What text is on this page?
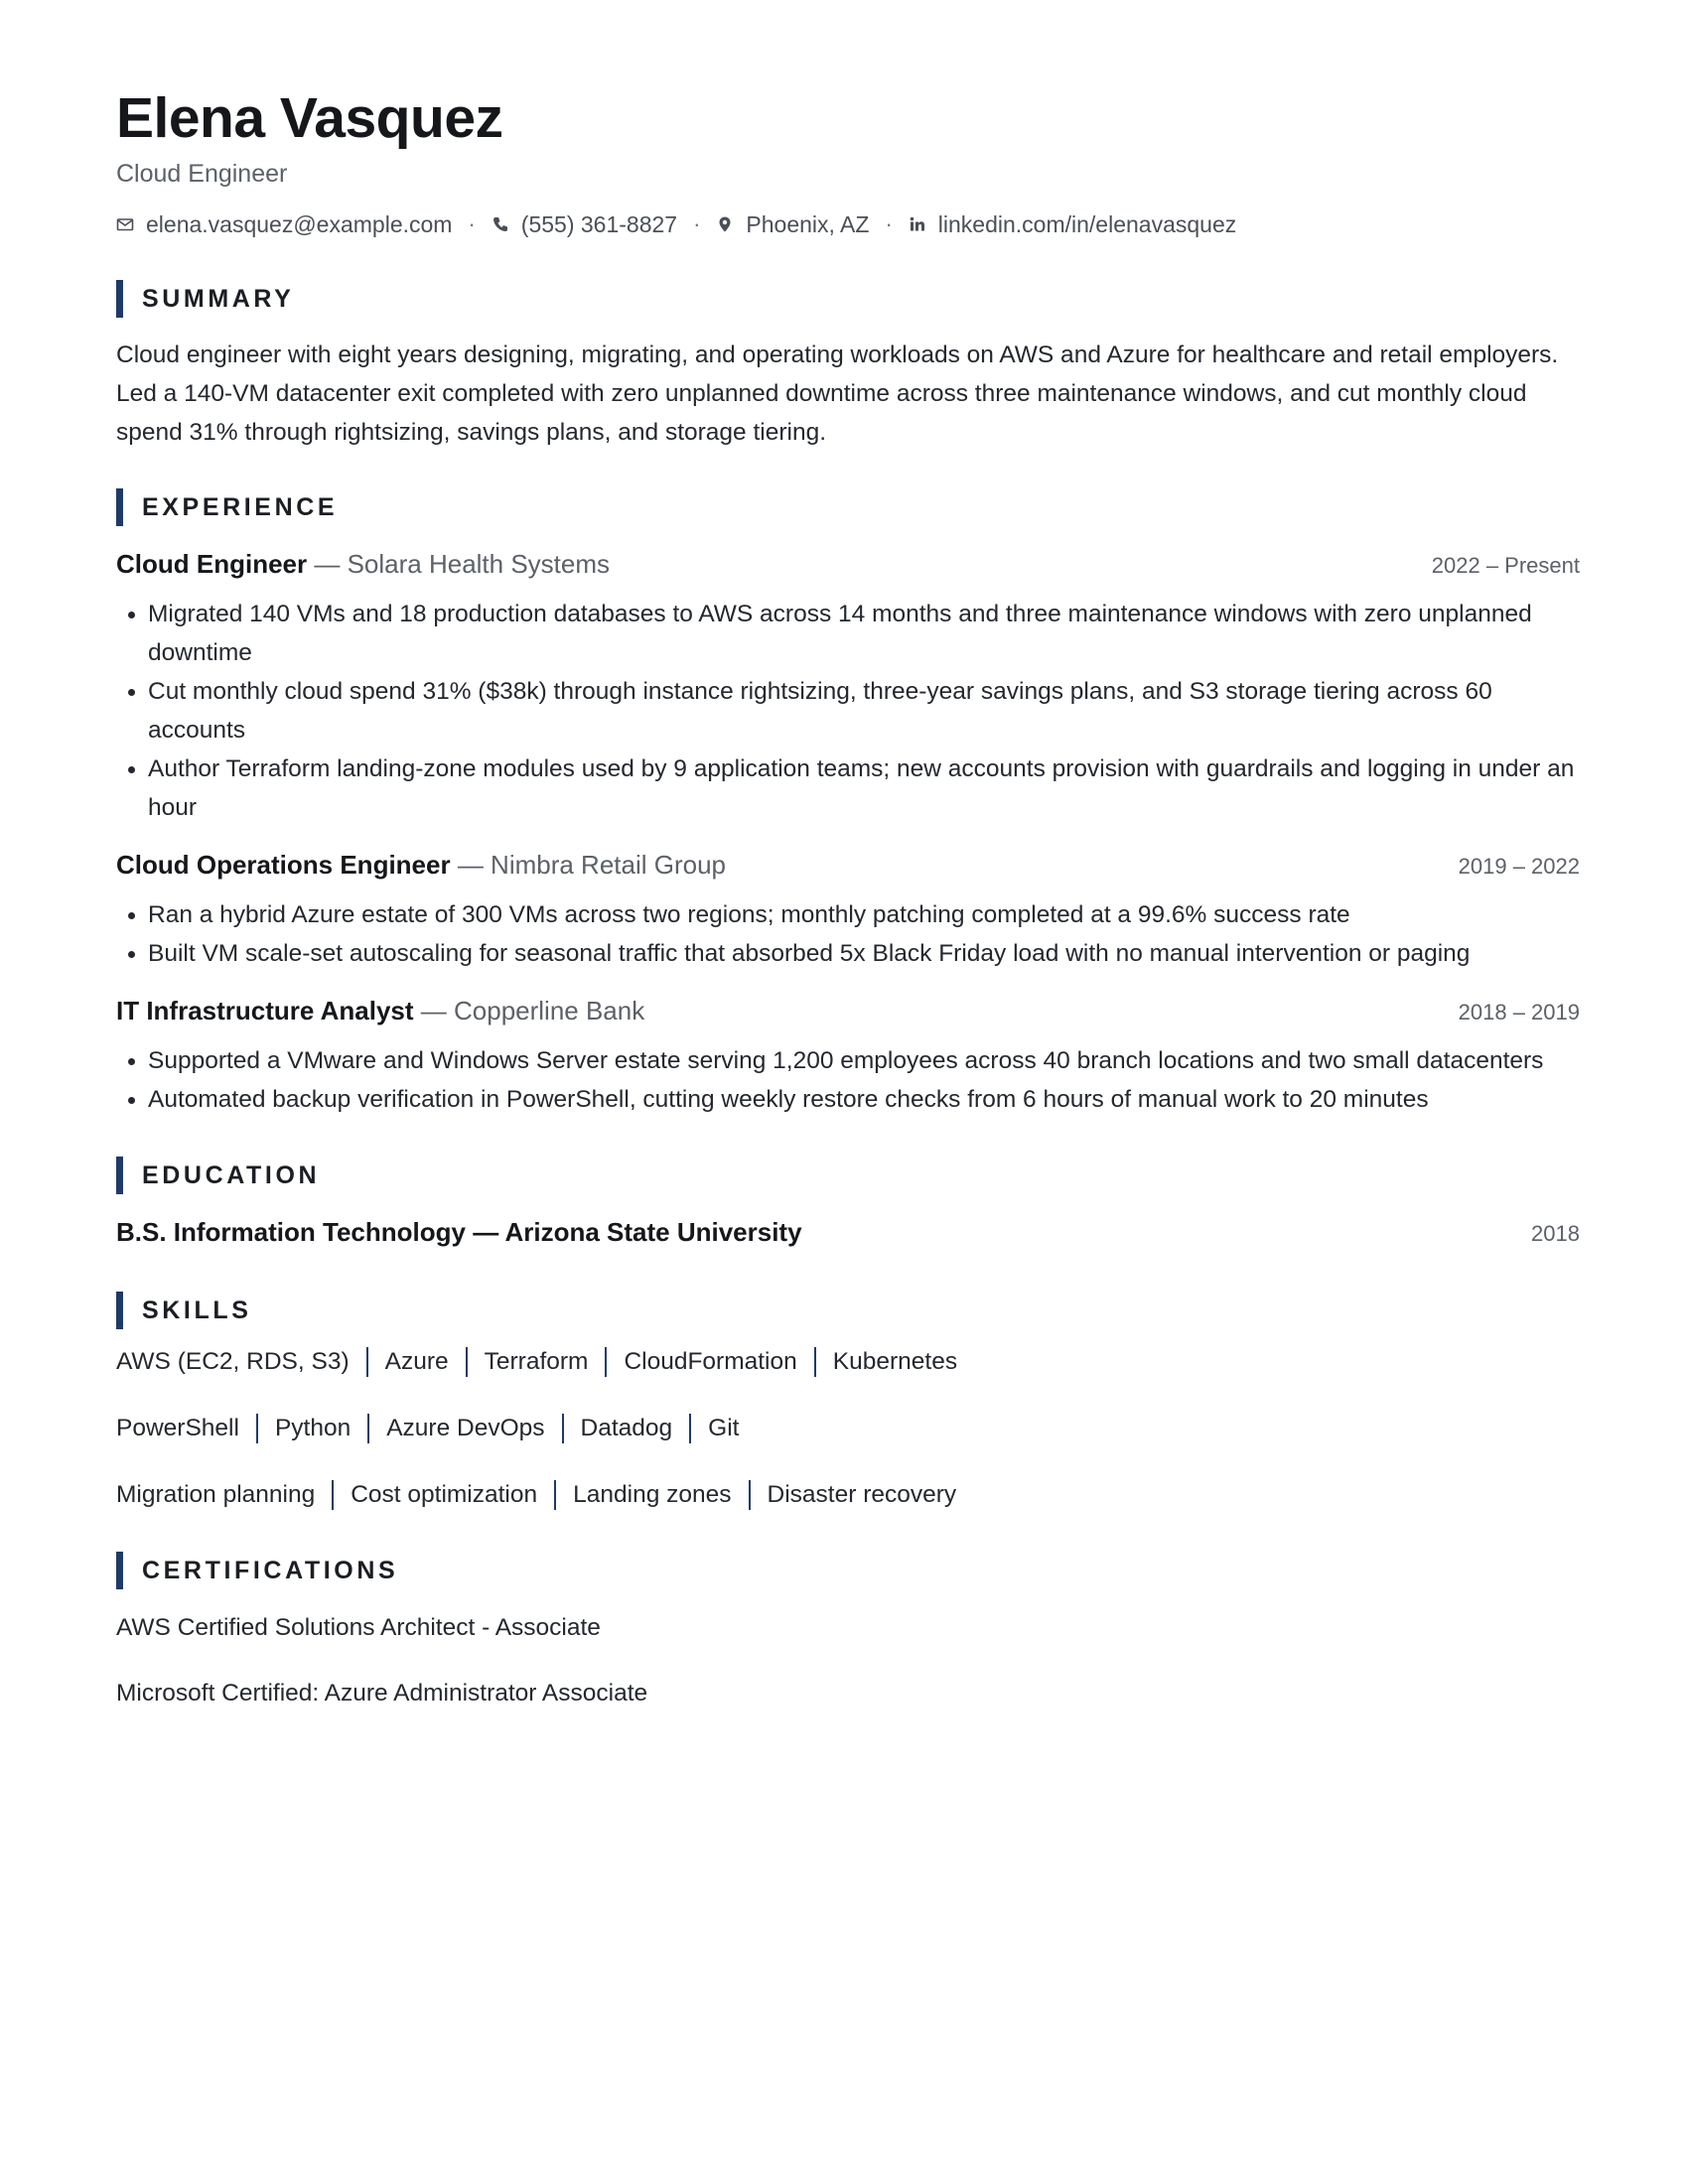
Elena Vasquez
Cloud Engineer
elena.vasquez@example.com · (555) 361-8827 · Phoenix, AZ · linkedin.com/in/elenavasquez
SUMMARY
Cloud engineer with eight years designing, migrating, and operating workloads on AWS and Azure for healthcare and retail employers. Led a 140-VM datacenter exit completed with zero unplanned downtime across three maintenance windows, and cut monthly cloud spend 31% through rightsizing, savings plans, and storage tiering.
EXPERIENCE
Cloud Engineer — Solara Health Systems	2022 – Present
• Migrated 140 VMs and 18 production databases to AWS across 14 months and three maintenance windows with zero unplanned downtime
• Cut monthly cloud spend 31% ($38k) through instance rightsizing, three-year savings plans, and S3 storage tiering across 60 accounts
• Author Terraform landing-zone modules used by 9 application teams; new accounts provision with guardrails and logging in under an hour
Cloud Operations Engineer — Nimbra Retail Group	2019 – 2022
• Ran a hybrid Azure estate of 300 VMs across two regions; monthly patching completed at a 99.6% success rate
• Built VM scale-set autoscaling for seasonal traffic that absorbed 5x Black Friday load with no manual intervention or paging
IT Infrastructure Analyst — Copperline Bank	2018 – 2019
• Supported a VMware and Windows Server estate serving 1,200 employees across 40 branch locations and two small datacenters
• Automated backup verification in PowerShell, cutting weekly restore checks from 6 hours of manual work to 20 minutes
EDUCATION
B.S. Information Technology — Arizona State University	2018
SKILLS
AWS (EC2, RDS, S3) Azure Terraform CloudFormation Kubernetes
PowerShell Python Azure DevOps Datadog Git
Migration planning Cost optimization Landing zones Disaster recovery
CERTIFICATIONS
AWS Certified Solutions Architect - Associate
Microsoft Certified: Azure Administrator Associate
